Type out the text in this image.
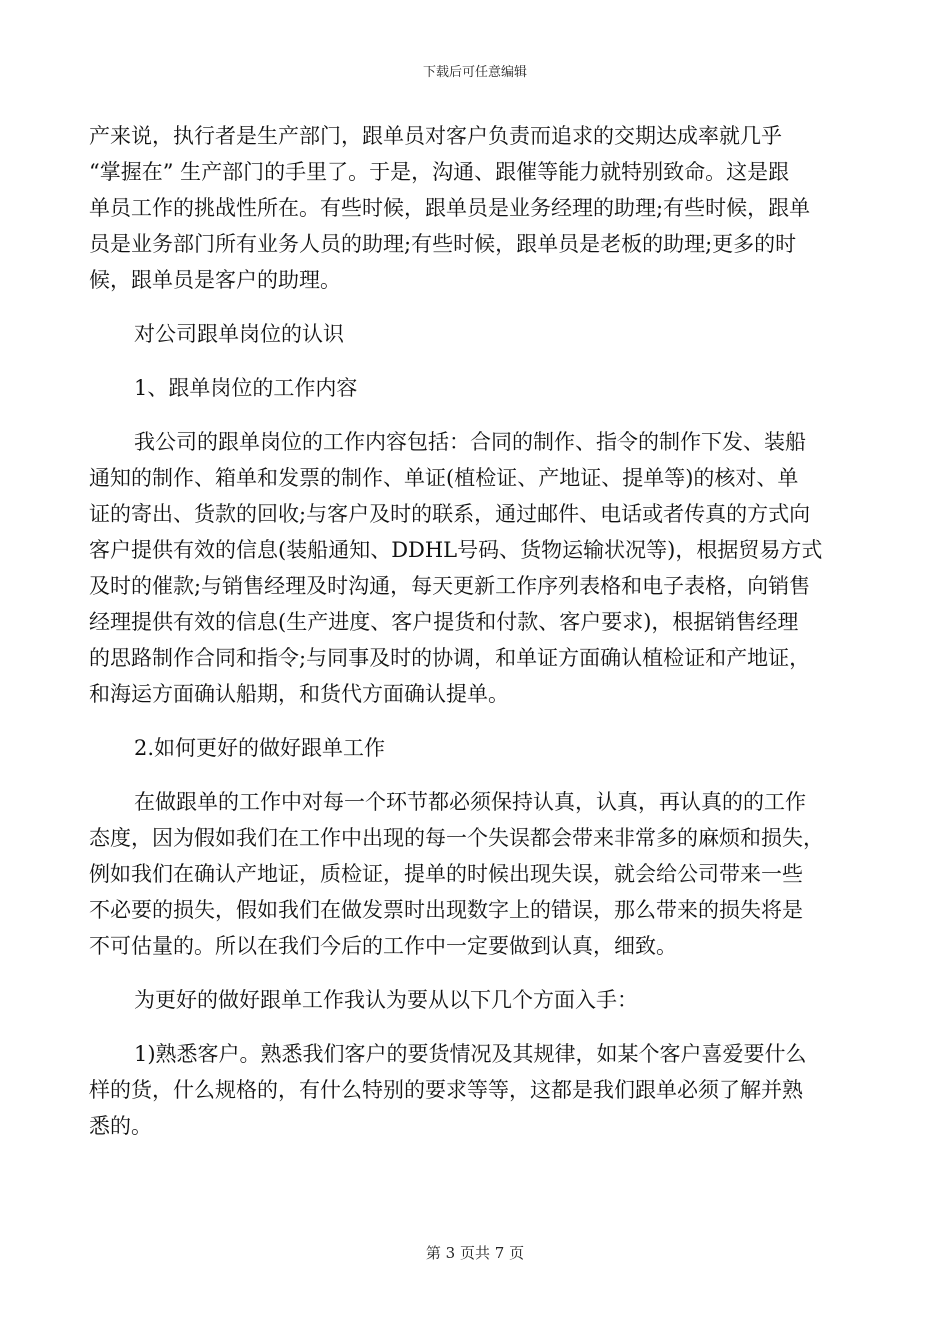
下载后可任意编辑
产来说，执行者是生产部门，跟单员对客户负责而追求的交期达成率就几乎
“掌握在” 生产部门的手里了。于是，沟通、跟催等能力就特别致命。这是跟
单员工作的挑战性所在。有些时候，跟单员是业务经理的助理;有些时候，跟单
员是业务部门所有业务人员的助理;有些时候，跟单员是老板的助理;更多的时
候，跟单员是客户的助理。
对公司跟单岗位的认识
1、跟单岗位的工作内容
我公司的跟单岗位的工作内容包括：合同的制作、指令的制作下发、装船
通知的制作、箱单和发票的制作、单证(植检证、产地证、提单等)的核对、单
证的寄出、货款的回收;与客户及时的联系，通过邮件、电话或者传真的方式向
客户提供有效的信息(装船通知、DDHL号码、货物运输状况等)，根据贸易方式
及时的催款;与销售经理及时沟通，每天更新工作序列表格和电子表格，向销售
经理提供有效的信息(生产进度、客户提货和付款、客户要求)，根据销售经理
的思路制作合同和指令;与同事及时的协调，和单证方面确认植检证和产地证，
和海运方面确认船期，和货代方面确认提单。
2.如何更好的做好跟单工作
在做跟单的工作中对每一个环节都必须保持认真，认真，再认真的的工作
态度，因为假如我们在工作中出现的每一个失误都会带来非常多的麻烦和损失，
例如我们在确认产地证，质检证，提单的时候出现失误，就会给公司带来一些
不必要的损失，假如我们在做发票时出现数字上的错误，那么带来的损失将是
不可估量的。所以在我们今后的工作中一定要做到认真，细致。
为更好的做好跟单工作我认为要从以下几个方面入手：
1)熟悉客户。熟悉我们客户的要货情况及其规律，如某个客户喜爱要什么
样的货，什么规格的，有什么特别的要求等等，这都是我们跟单必须了解并熟
悉的。
第 3 页共 7 页
